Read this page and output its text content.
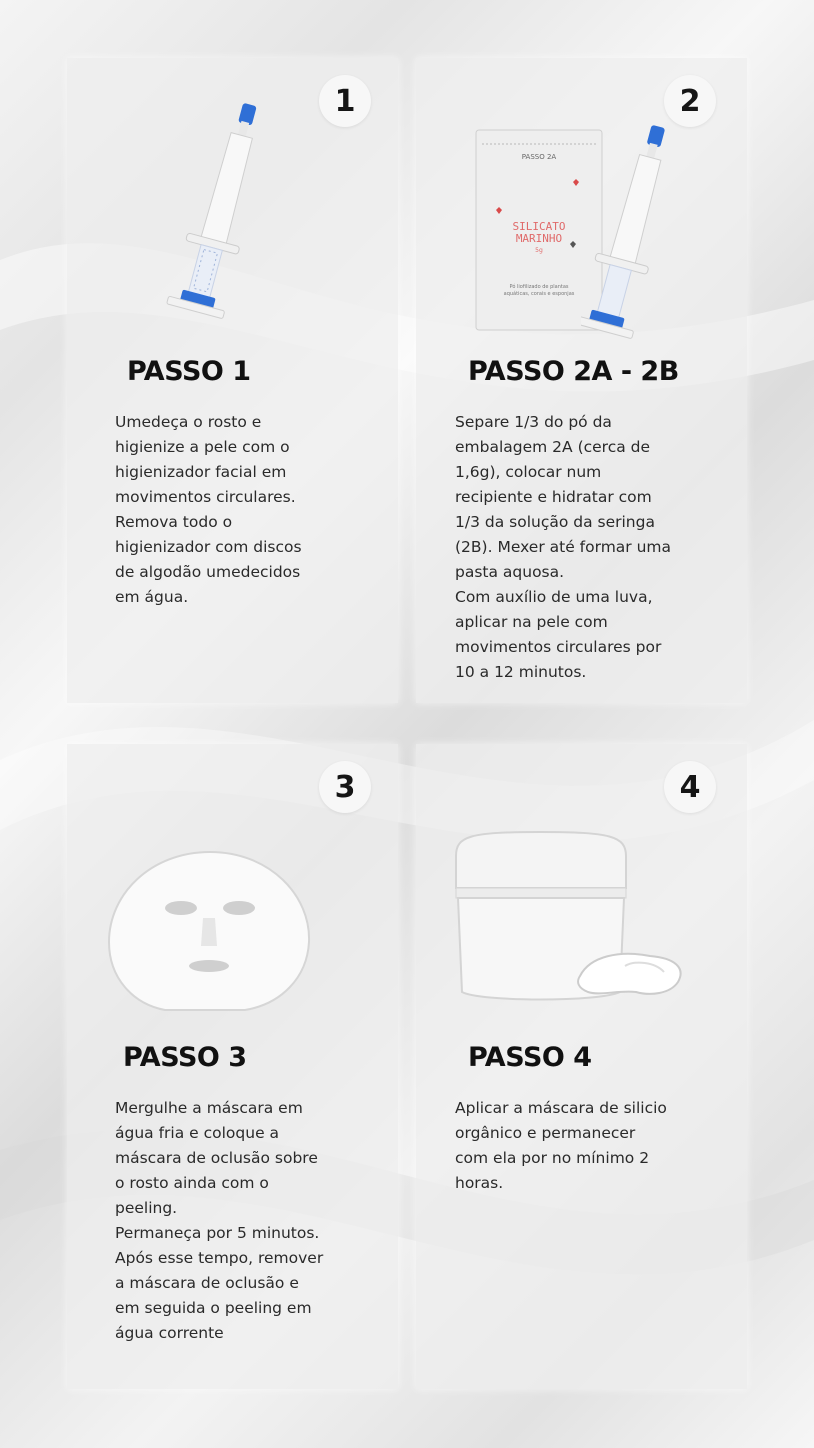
1
PASSO 1
Umedeça o rosto e
higienize a pele com o
higienizador facial em
movimentos circulares.
Remova todo o
higienizador com discos
de algodão umedecidos
em água.
2
PASSO 2A
SILICATO
MARINHO
5g
Pó liofilizado de plantas
aquáticas, corais e esponjas
PASSO 2A - 2B
Separe 1/3 do pó da
embalagem 2A (cerca de
1,6g), colocar num
recipiente e hidratar com
1/3 da solução da seringa
(2B). Mexer até formar uma
pasta aquosa.
Com auxílio de uma luva,
aplicar na pele com
movimentos circulares por
10 a 12 minutos.
3
PASSO 3
Mergulhe a máscara em
água fria e coloque a
máscara de oclusão sobre
o rosto ainda com o
peeling.
Permaneça por 5 minutos.
Após esse tempo, remover
a máscara de oclusão e
em seguida o peeling em
água corrente
4
PASSO 4
Aplicar a máscara de silicio
orgânico e permanecer
com ela por no mínimo 2
horas.
